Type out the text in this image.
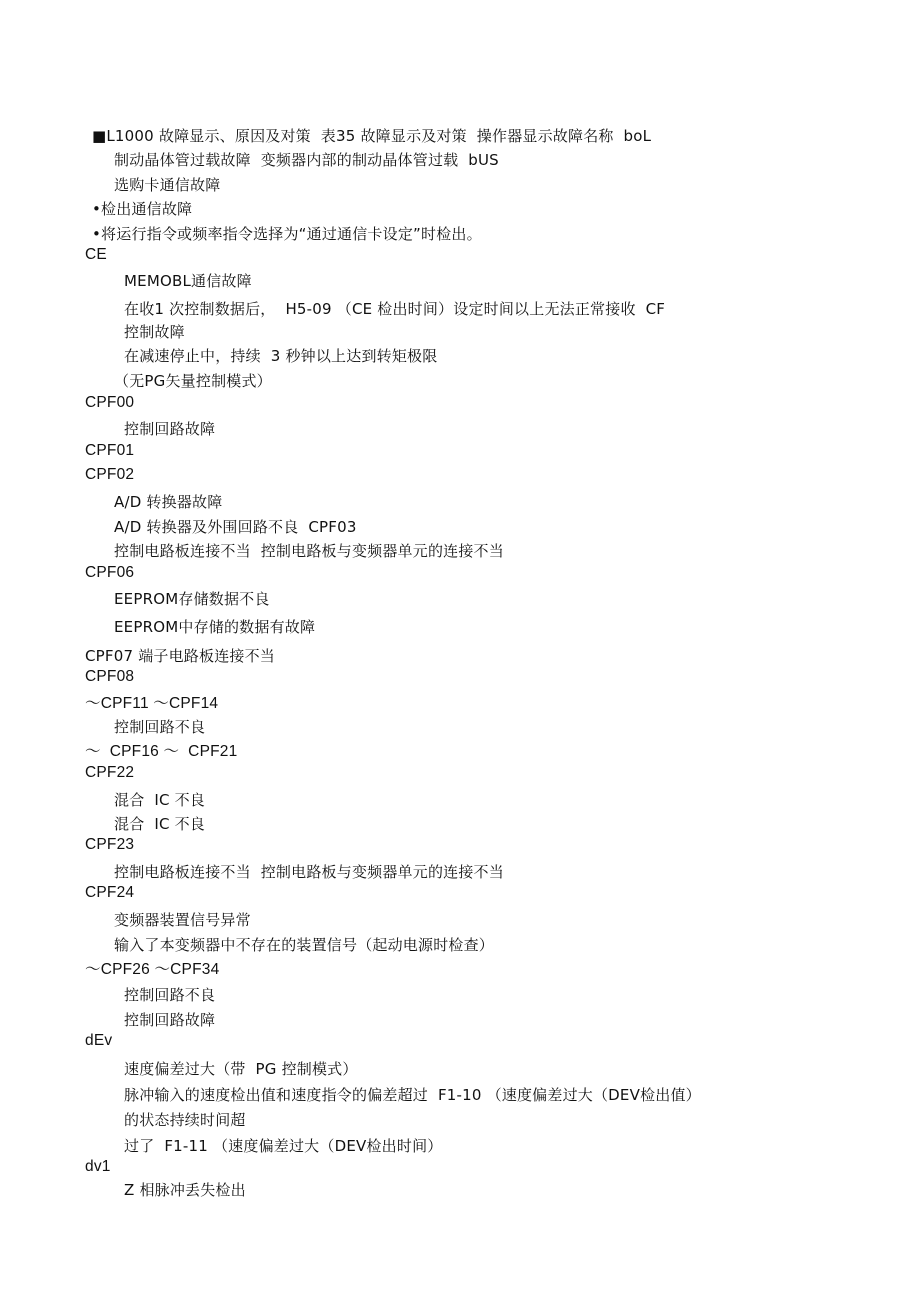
■L1000 故障显示、原因及对策  表35 故障显示及对策  操作器显示故障名称  boL
制动晶体管过载故障  变频器内部的制动晶体管过载  bUS
选购卡通信故障
•检出通信故障
•将运行指令或频率指令选择为“通过通信卡设定”时检出。
CE
MEMOBL通信故障
在收1 次控制数据后，  H5-09 （CE 检出时间）设定时间以上无法正常接收  CF
控制故障
在减速停止中，持续  3 秒钟以上达到转矩极限
（无PG矢量控制模式）
CPF00
控制回路故障
CPF01
CPF02
A/D 转换器故障
A/D 转换器及外围回路不良  CPF03
控制电路板连接不当  控制电路板与变频器单元的连接不当
CPF06
EEPROM存储数据不良
EEPROM中存储的数据有故障
CPF07 端子电路板连接不当
CPF08
～CPF11 ～CPF14
控制回路不良
～  CPF16 ～  CPF21
CPF22
混合  IC 不良
混合  IC 不良
CPF23
控制电路板连接不当  控制电路板与变频器单元的连接不当
CPF24
变频器装置信号异常
输入了本变频器中不存在的装置信号（起动电源时检查）
～CPF26 ～CPF34
控制回路不良
控制回路故障
dEv
速度偏差过大（带  PG 控制模式）
脉冲输入的速度检出值和速度指令的偏差超过  F1-10 （速度偏差过大（DEV检出值）
的状态持续时间超
过了  F1-11 （速度偏差过大（DEV检出时间）
dv1
Z 相脉冲丢失检出
